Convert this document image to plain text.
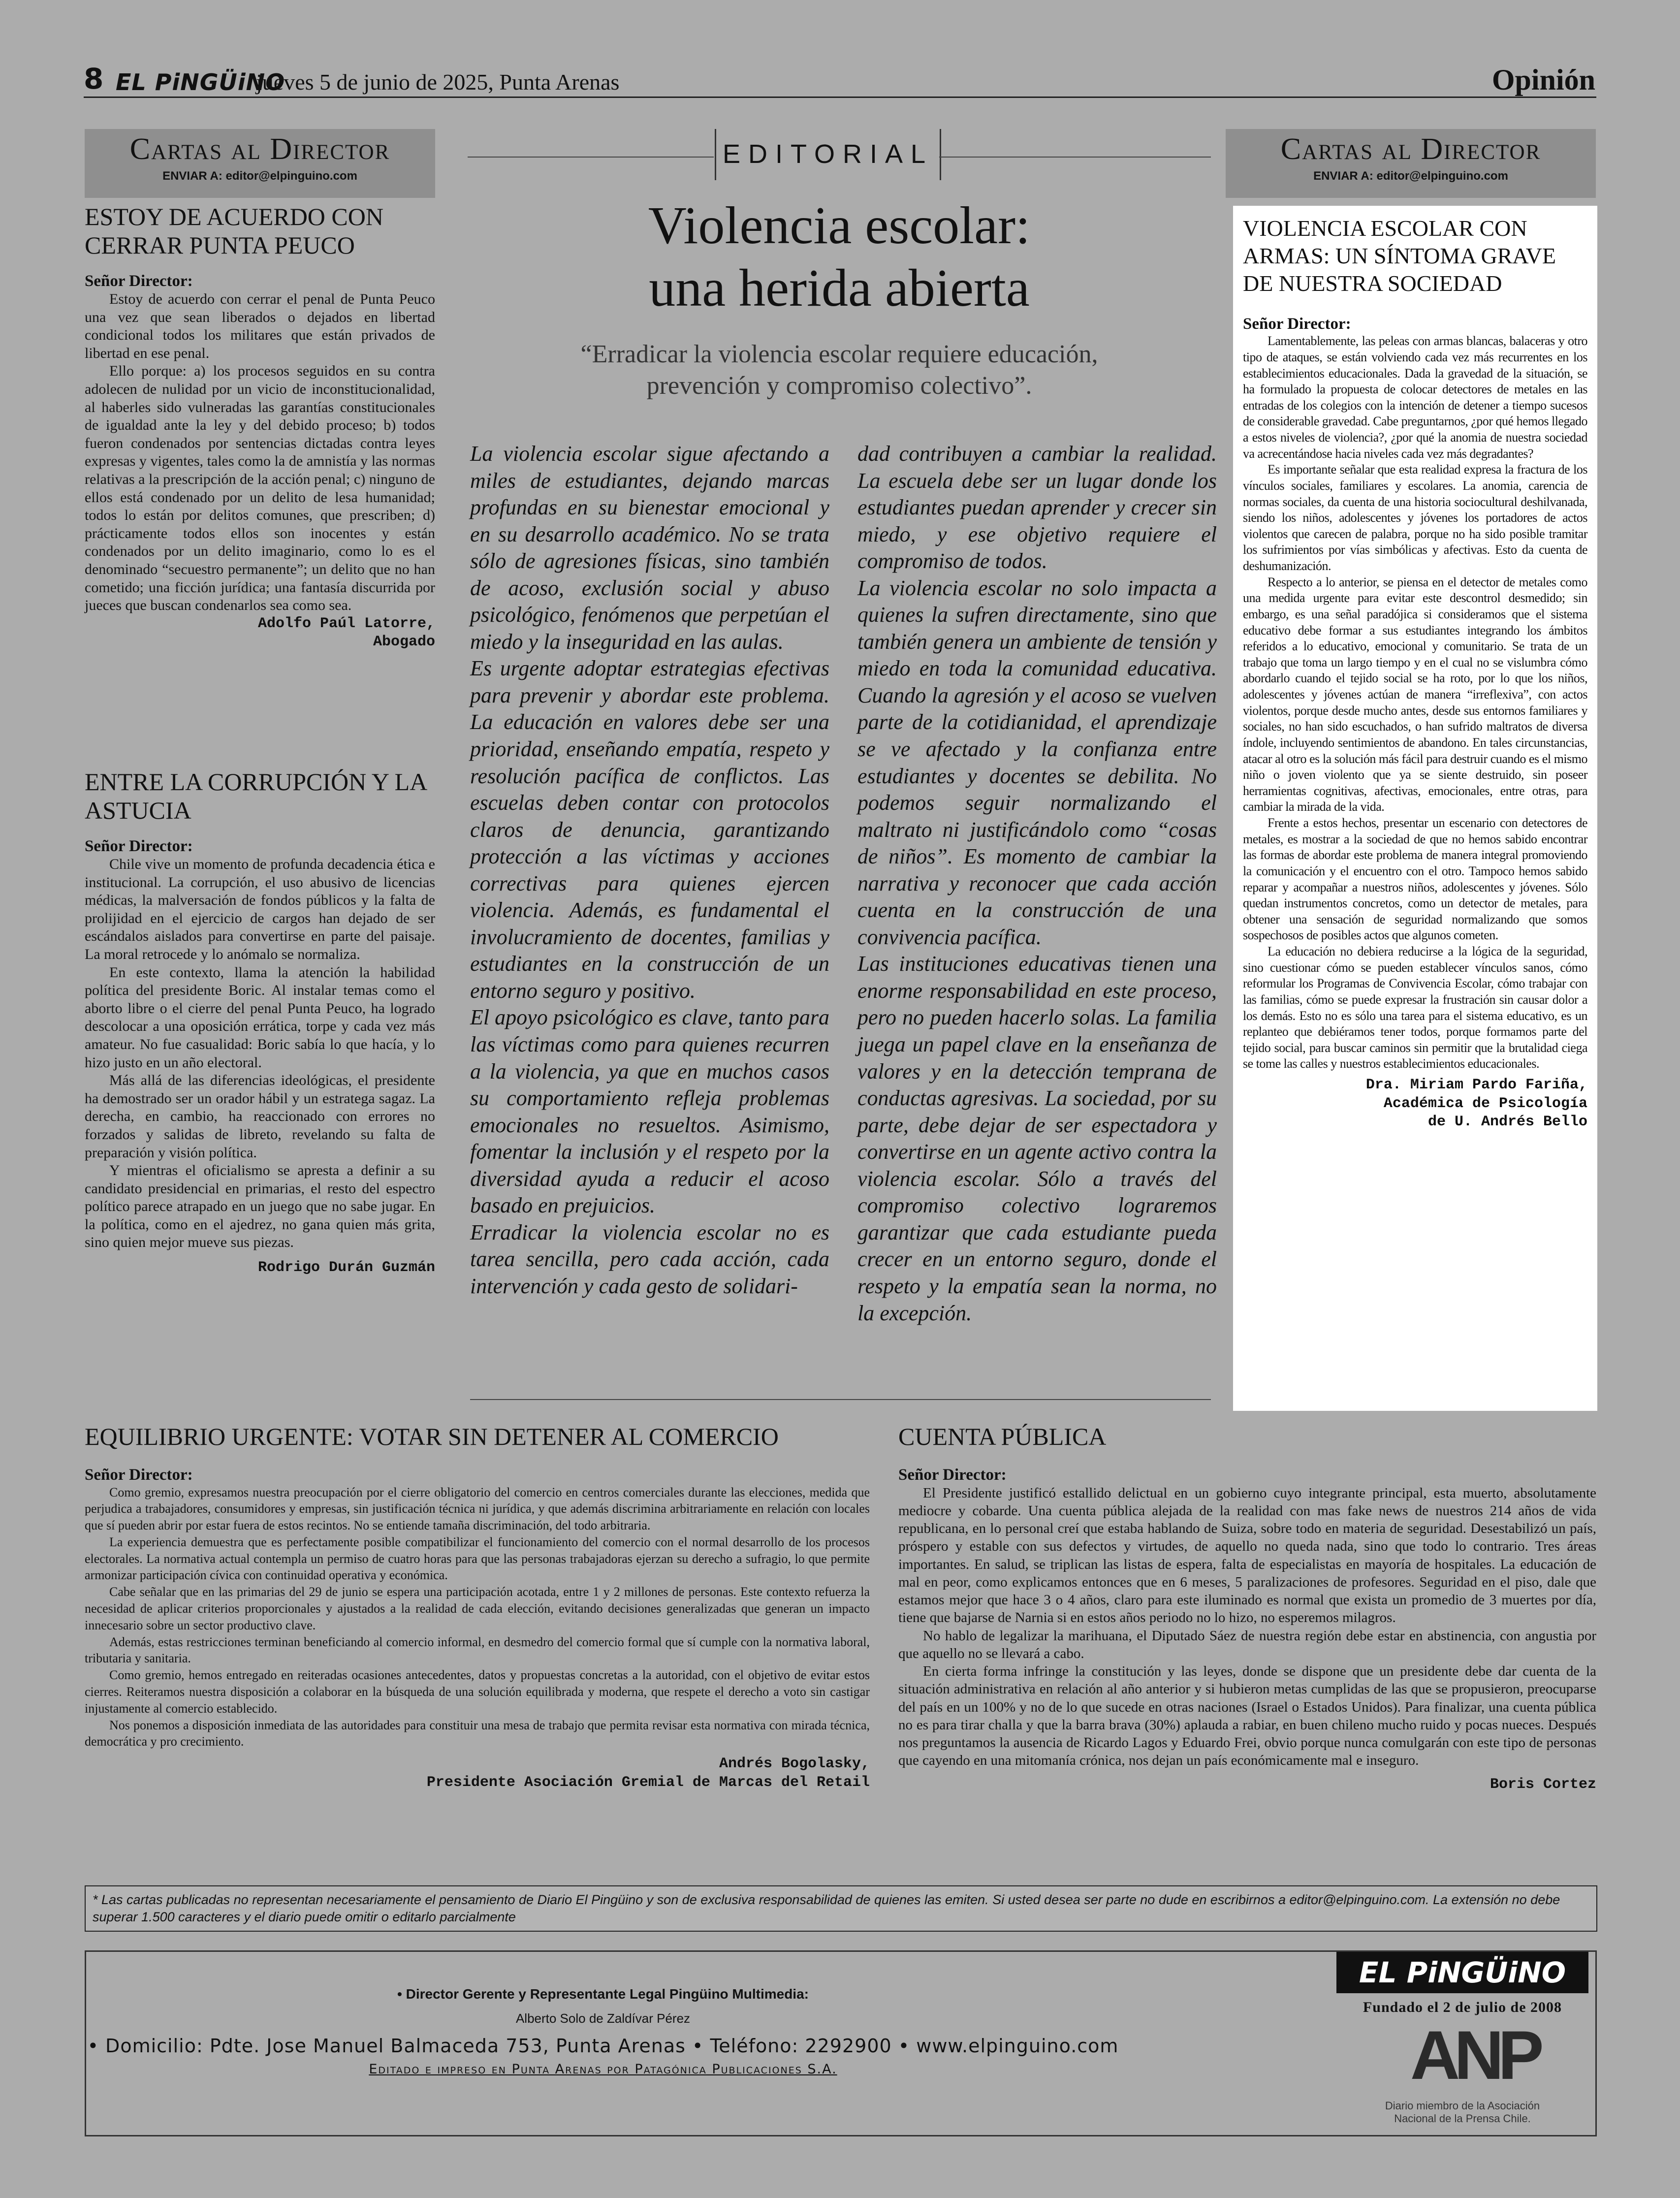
8 EL PiNGÜiNO
jueves 5 de junio de 2025, Punta Arenas	Opinión
Cartas al Director
ENVIAR A: editor@elpinguino.com
ESTOY DE ACUERDO CON CERRAR PUNTA PEUCO
Señor Director:

Estoy de acuerdo con cerrar el penal de Punta Peuco una vez que sean liberados o dejados en libertad condicional todos los militares que están privados de libertad en ese penal.

Ello porque: a) los procesos seguidos en su contra adolecen de nulidad por un vicio de inconstitucionalidad, al haberles sido vulneradas las garantías constitucionales de igualdad ante la ley y del debido proceso; b) todos fueron condenados por sentencias dictadas contra leyes expresas y vigentes, tales como la de amnistía y las normas relativas a la prescripción de la acción penal; c) ninguno de ellos está condenado por un delito de lesa humanidad; todos lo están por delitos comunes, que prescriben; d) prácticamente todos ellos son inocentes y están condenados por un delito imaginario, como lo es el denominado “secuestro permanente”; un delito que no han cometido; una ficción jurídica; una fantasía discurrida por jueces que buscan condenarlos sea como sea.

Adolfo Paúl Latorre,
Abogado
ENTRE LA CORRUPCIÓN Y LA ASTUCIA
Señor Director:

Chile vive un momento de profunda decadencia ética e institucional. La corrupción, el uso abusivo de licencias médicas, la malversación de fondos públicos y la falta de prolijidad en el ejercicio de cargos han dejado de ser escándalos aislados para convertirse en parte del paisaje. La moral retrocede y lo anómalo se normaliza.

En este contexto, llama la atención la habilidad política del presidente Boric. Al instalar temas como el aborto libre o el cierre del penal Punta Peuco, ha logrado descolocar a una oposición errática, torpe y cada vez más amateur. No fue casualidad: Boric sabía lo que hacía, y lo hizo justo en un año electoral.

Más allá de las diferencias ideológicas, el presidente ha demostrado ser un orador hábil y un estratega sagaz. La derecha, en cambio, ha reaccionado con errores no forzados y salidas de libreto, revelando su falta de preparación y visión política.

Y mientras el oficialismo se apresta a definir a su candidato presidencial en primarias, el resto del espectro político parece atrapado en un juego que no sabe jugar. En la política, como en el ajedrez, no gana quien más grita, sino quien mejor mueve sus piezas.

Rodrigo Durán Guzmán
EDITORIAL
Violencia escolar:
una herida abierta
“Erradicar la violencia escolar requiere educación, prevención y compromiso colectivo”.

La violencia escolar sigue afectando a miles de estudiantes, dejando marcas profundas en su bienestar emocional y en su desarrollo académico. No se trata sólo de agresiones físicas, sino también de acoso, exclusión social y abuso psicológico, fenómenos que perpetúan el miedo y la inseguridad en las aulas.

Es urgente adoptar estrategias efectivas para prevenir y abordar este problema. La educación en valores debe ser una prioridad, enseñando empatía, respeto y resolución pacífica de conflictos. Las escuelas deben contar con protocolos claros de denuncia, garantizando protección a las víctimas y acciones correctivas para quienes ejercen violencia. Además, es fundamental el involucramiento de docentes, familias y estudiantes en la construcción de un entorno seguro y positivo.

El apoyo psicológico es clave, tanto para las víctimas como para quienes recurren a la violencia, ya que en muchos casos su comportamiento refleja problemas emocionales no resueltos. Asimismo, fomentar la inclusión y el respeto por la diversidad ayuda a reducir el acoso basado en prejuicios.

Erradicar la violencia escolar no es tarea sencilla, pero cada acción, cada intervención y cada gesto de solidari-

dad contribuyen a cambiar la realidad. La escuela debe ser un lugar donde los estudiantes puedan aprender y crecer sin miedo, y ese objetivo requiere el compromiso de todos.

La violencia escolar no solo impacta a quienes la sufren directamente, sino que también genera un ambiente de tensión y miedo en toda la comunidad educativa. Cuando la agresión y el acoso se vuelven parte de la cotidianidad, el aprendizaje se ve afectado y la confianza entre estudiantes y docentes se debilita. No podemos seguir normalizando el maltrato ni justificándolo como “cosas de niños”. Es momento de cambiar la narrativa y reconocer que cada acción cuenta en la construcción de una convivencia pacífica.

Las instituciones educativas tienen una enorme responsabilidad en este proceso, pero no pueden hacerlo solas. La familia juega un papel clave en la enseñanza de valores y en la detección temprana de conductas agresivas. La sociedad, por su parte, debe dejar de ser espectadora y convertirse en un agente activo contra la violencia escolar. Sólo a través del compromiso colectivo lograremos garantizar que cada estudiante pueda crecer en un entorno seguro, donde el respeto y la empatía sean la norma, no la excepción.

Cartas al Director
ENVIAR A: editor@elpinguino.com
VIOLENCIA ESCOLAR CON ARMAS: UN SÍNTOMA GRAVE DE NUESTRA SOCIEDAD
Señor Director:

Lamentablemente, las peleas con armas blancas, balaceras y otro tipo de ataques, se están volviendo cada vez más recurrentes en los establecimientos educacionales. Dada la gravedad de la situación, se ha formulado la propuesta de colocar detectores de metales en las entradas de los colegios con la intención de detener a tiempo sucesos de considerable gravedad. Cabe preguntarnos, ¿por qué hemos llegado a estos niveles de violencia?, ¿por qué la anomia de nuestra sociedad va acrecentándose hacia niveles cada vez más degradantes?

Es importante señalar que esta realidad expresa la fractura de los vínculos sociales, familiares y escolares. La anomia, carencia de normas sociales, da cuenta de una historia sociocultural deshilvanada, siendo los niños, adolescentes y jóvenes los portadores de actos violentos que carecen de palabra, porque no ha sido posible tramitar los sufrimientos por vías simbólicas y afectivas. Esto da cuenta de deshumanización.

Respecto a lo anterior, se piensa en el detector de metales como una medida urgente para evitar este descontrol desmedido; sin embargo, es una señal paradójica si consideramos que el sistema educativo debe formar a sus estudiantes integrando los ámbitos referidos a lo educativo, emocional y comunitario. Se trata de un trabajo que toma un largo tiempo y en el cual no se vislumbra cómo abordarlo cuando el tejido social se ha roto, por lo que los niños, adolescentes y jóvenes actúan de manera “irreflexiva”, con actos violentos, porque desde mucho antes, desde sus entornos familiares y sociales, no han sido escuchados, o han sufrido maltratos de diversa índole, incluyendo sentimientos de abandono. En tales circunstancias, atacar al otro es la solución más fácil para destruir cuando es el mismo niño o joven violento que ya se siente destruido, sin poseer herramientas cognitivas, afectivas, emocionales, entre otras, para cambiar la mirada de la vida.

Frente a estos hechos, presentar un escenario con detectores de metales, es mostrar a la sociedad de que no hemos sabido encontrar las formas de abordar este problema de manera integral promoviendo la comunicación y el encuentro con el otro. Tampoco hemos sabido reparar y acompañar a nuestros niños, adolescentes y jóvenes. Sólo quedan instrumentos concretos, como un detector de metales, para obtener una sensación de seguridad normalizando que somos sospechosos de posibles actos que algunos cometen.

La educación no debiera reducirse a la lógica de la seguridad, sino cuestionar cómo se pueden establecer vínculos sanos, cómo reformular los Programas de Convivencia Escolar, cómo trabajar con las familias, cómo se puede expresar la frustración sin causar dolor a los demás. Esto no es sólo una tarea para el sistema educativo, es un replanteo que debiéramos tener todos, porque formamos parte del tejido social, para buscar caminos sin permitir que la brutalidad ciega se tome las calles y nuestros establecimientos educacionales.

Dra. Miriam Pardo Fariña,
Académica de Psicología
de U. Andrés Bello
EQUILIBRIO URGENTE: VOTAR SIN DETENER AL COMERCIO
Señor Director:

Como gremio, expresamos nuestra preocupación por el cierre obligatorio del comercio en centros comerciales durante las elecciones, medida que perjudica a trabajadores, consumidores y empresas, sin justificación técnica ni jurídica, y que además discrimina arbitrariamente en relación con locales que sí pueden abrir por estar fuera de estos recintos. No se entiende tamaña discriminación, del todo arbitraria.

La experiencia demuestra que es perfectamente posible compatibilizar el funcionamiento del comercio con el normal desarrollo de los procesos electorales. La normativa actual contempla un permiso de cuatro horas para que las personas trabajadoras ejerzan su derecho a sufragio, lo que permite armonizar participación cívica con continuidad operativa y económica.

Cabe señalar que en las primarias del 29 de junio se espera una participación acotada, entre 1 y 2 millones de personas. Este contexto refuerza la necesidad de aplicar criterios proporcionales y ajustados a la realidad de cada elección, evitando decisiones generalizadas que generan un impacto innecesario sobre un sector productivo clave.

Además, estas restricciones terminan beneficiando al comercio informal, en desmedro del comercio formal que sí cumple con la normativa laboral, tributaria y sanitaria.

Como gremio, hemos entregado en reiteradas ocasiones antecedentes, datos y propuestas concretas a la autoridad, con el objetivo de evitar estos cierres. Reiteramos nuestra disposición a colaborar en la búsqueda de una solución equilibrada y moderna, que respete el derecho a voto sin castigar injustamente al comercio establecido.

Nos ponemos a disposición inmediata de las autoridades para constituir una mesa de trabajo que permita revisar esta normativa con mirada técnica, democrática y pro crecimiento.

Andrés Bogolasky,
Presidente Asociación Gremial de Marcas del Retail
CUENTA PÚBLICA
Señor Director:

El Presidente justificó estallido delictual en un gobierno cuyo integrante principal, esta muerto, absolutamente mediocre y cobarde. Una cuenta pública alejada de la realidad con mas fake news de nuestros 214 años de vida republicana, en lo personal creí que estaba hablando de Suiza, sobre todo en materia de seguridad. Desestabilizó un país, próspero y estable con sus defectos y virtudes, de aquello no queda nada, sino que todo lo contrario. Tres áreas importantes. En salud, se triplican las listas de espera, falta de especialistas en mayoría de hospitales. La educación de mal en peor, como explicamos entonces que en 6 meses, 5 paralizaciones de profesores. Seguridad en el piso, dale que estamos mejor que hace 3 o 4 años, claro para este iluminado es normal que exista un promedio de 3 muertes por día, tiene que bajarse de Narnia si en estos años periodo no lo hizo, no esperemos milagros.

No hablo de legalizar la marihuana, el Diputado Sáez de nuestra región debe estar en abstinencia, con angustia por que aquello no se llevará a cabo.

En cierta forma infringe la constitución y las leyes, donde se dispone que un presidente debe dar cuenta de la situación administrativa en relación al año anterior y si hubieron metas cumplidas de las que se propusieron, preocuparse del país en un 100% y no de lo que sucede en otras naciones (Israel o Estados Unidos). Para finalizar, una cuenta pública no es para tirar challa y que la barra brava (30%) aplauda a rabiar, en buen chileno mucho ruido y pocas nueces. Después nos preguntamos la ausencia de Ricardo Lagos y Eduardo Frei, obvio porque nunca comulgarán con este tipo de personas que cayendo en una mitomanía crónica, nos dejan un país económicamente mal e inseguro.

Boris Cortez
* Las cartas publicadas no representan necesariamente el pensamiento de Diario El Pingüino y son de exclusiva responsabilidad de quienes las emiten. Si usted desea ser parte no dude en escribirnos a editor@elpinguino.com. La extensión no debe superar 1.500 caracteres y el diario puede omitir o editarlo parcialmente
• Director Gerente y Representante Legal Pingüino Multimedia:
Alberto Solo de Zaldívar Pérez
• Domicilio: Pdte. Jose Manuel Balmaceda 753, Punta Arenas • Teléfono: 2292900 • www.elpinguino.com
Editado e impreso en Punta Arenas por Patagónica Publicaciones S.A.
EL PiNGÜiNO
Fundado el 2 de julio de 2008
ANP
Diario miembro de la Asociación
Nacional de la Prensa Chile.
